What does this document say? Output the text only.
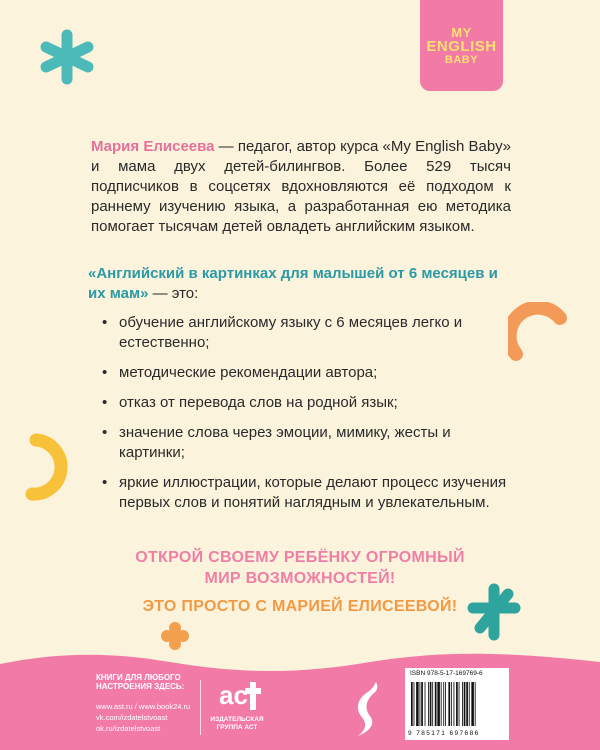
MY
ENGLISH
BABY

Мария Елисеева — педагог, автор курса «My English Baby» и мама двух детей-билингвов. Более 529 тысяч подписчиков в соцсетях вдохновляются её подходом к раннему изучению языка, а разработанная ею методика помогает тысячам детей овладеть английским языком.

«Английский в картинках для малышей от 6 месяцев и их мам» — это:

• обучение английскому языку с 6 месяцев легко и естественно;
• методические рекомендации автора;
• отказ от перевода слов на родной язык;
• значение слова через эмоции, мимику, жесты и картинки;
• яркие иллюстрации, которые делают процесс изучения первых слов и понятий наглядным и увлекательным.
ОТКРОЙ СВОЕМУ РЕБЁНКУ ОГРОМНЫЙ
МИР ВОЗМОЖНОСТЕЙ!
ЭТО ПРОСТО С МАРИЕЙ ЕЛИСЕЕВОЙ!
КНИГИ ДЛЯ ЛЮБОГО НАСТРОЕНИЯ ЗДЕСЬ:
www.ast.ru / www.book24.ru
vk.com/izdatelstvoast
ok.ru/izdatelstvoast
ac
ИЗДАТЕЛЬСКАЯ ГРУППА АСТ
ISBN 978-5-17-169769-6
9 785171 697686
